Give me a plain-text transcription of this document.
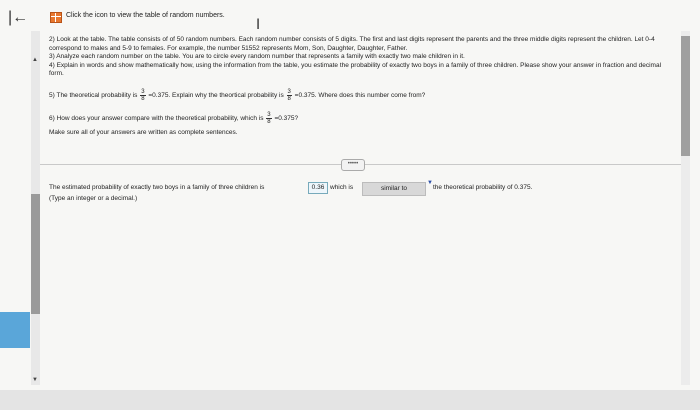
|←	Click the icon to view the table of random numbers.
I

2) Look at the table. The table consists of of 50 random numbers. Each random number consists of 5 digits. The first and last digits represent the parents and the three middle digits represent the children. Let 0-4 correspond to males and 5-9 to females. For example, the number 51552 represents Mom, Son, Daughter, Daughter, Father.

3) Analyze each random number on the table. You are to circle every random number that represents a family with exactly two male children in it.

4) Explain in words and show mathematically how, using the information from the table, you estimate the probability of exactly two boys in a family of three children. Please show your answer in fraction and decimal form.

5) The theoretical probability is $\frac{3}{8} =0.375$. Explain why the theortical probability is $\frac{3}{8} =0.375$. Where does this number come from?

6) How does your answer compare with the theoretical probability, which is $\frac{3}{8} =0.375$?

Make sure all of your answers are written as complete sentences.

•••••
The estimated probability of exactly two boys in a family of three children is	0.36 which is	similar to
▼
the theoretical probability of 0.375.
(Type an integer or a decimal.)
▲
▼
